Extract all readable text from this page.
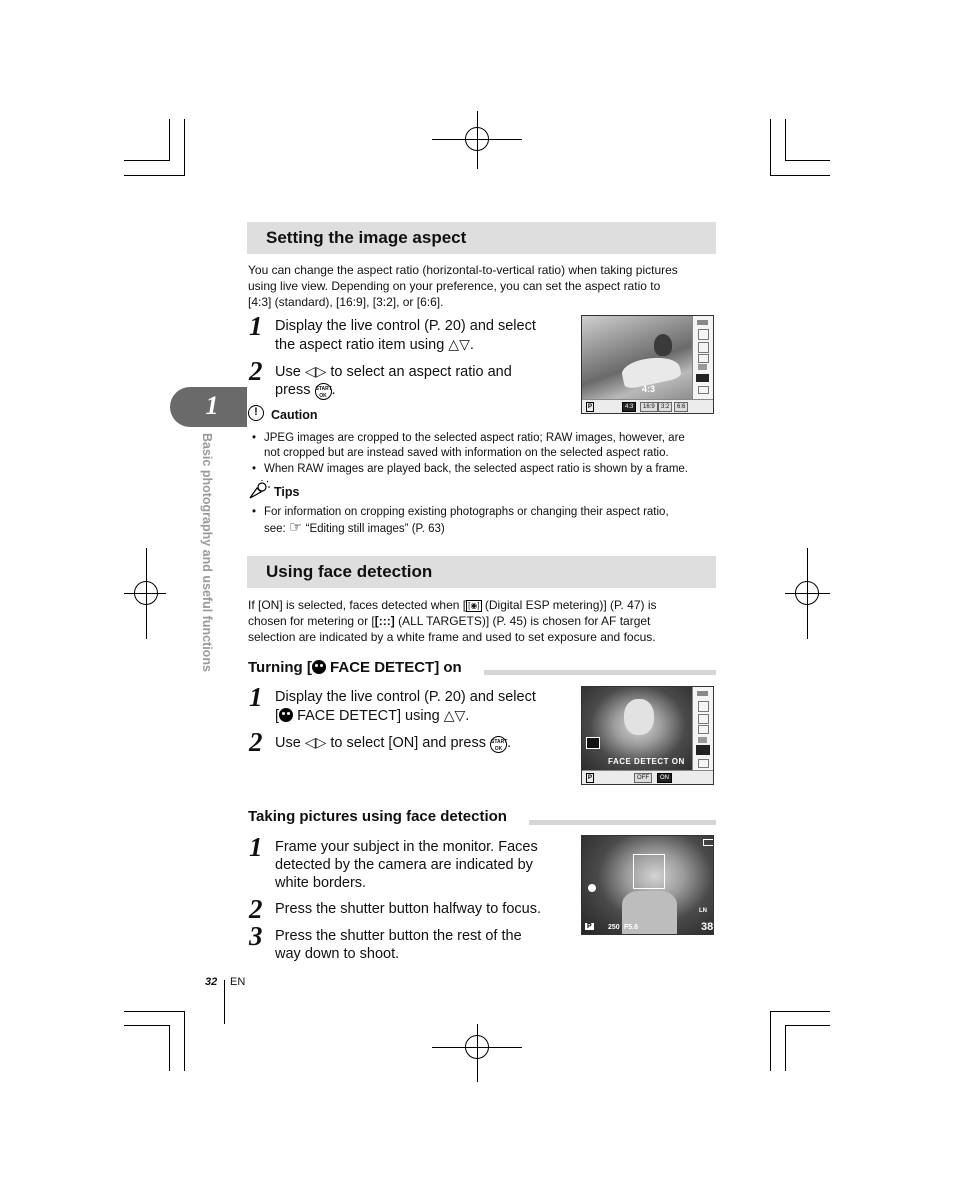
1
Basic photography and useful functions
Setting the image aspect
You can change the aspect ratio (horizontal-to-vertical ratio) when taking pictures
using live view. Depending on your preference, you can set the aspect ratio to
[4:3] (standard), [16:9], [3:2], or [6:6].
1 Display the live control (P. 20) and select
the aspect ratio item using △▽.
2 Use ◁▷ to select an aspect ratio and
press START OK .	4:3
P	4:3	16:9	3:2	6:6
!	Caution
• JPEG images are cropped to the selected aspect ratio; RAW images, however, are
not cropped but are instead saved with information on the selected aspect ratio.
• When RAW images are played back, the selected aspect ratio is shown by a frame.
Tips
• For information on cropping existing photographs or changing their aspect ratio,
see: ☞ “Editing still images” (P. 63)
Using face detection
If [ON] is selected, faces detected when [ [◉] (Digital ESP metering)] (P. 47) is
chosen for metering or [[:::] (ALL TARGETS)] (P. 45) is chosen for AF target
selection are indicated by a white frame and used to set exposure and focus.
Turning [ FACE DETECT] on
1 Display the live control (P. 20) and select
[ FACE DETECT] using △▽.
2 Use ◁▷ to select [ON] and press START OK .
FACE DETECT ON
P	OFF	ON
Taking pictures using face detection
1 Frame your subject in the monitor. Faces
detected by the camera are indicated by
white borders.
2 Press the shutter button halfway to focus.
3 Press the shutter button the rest of the
way down to shoot.
P 250 F5.6
LN
38
32 EN
